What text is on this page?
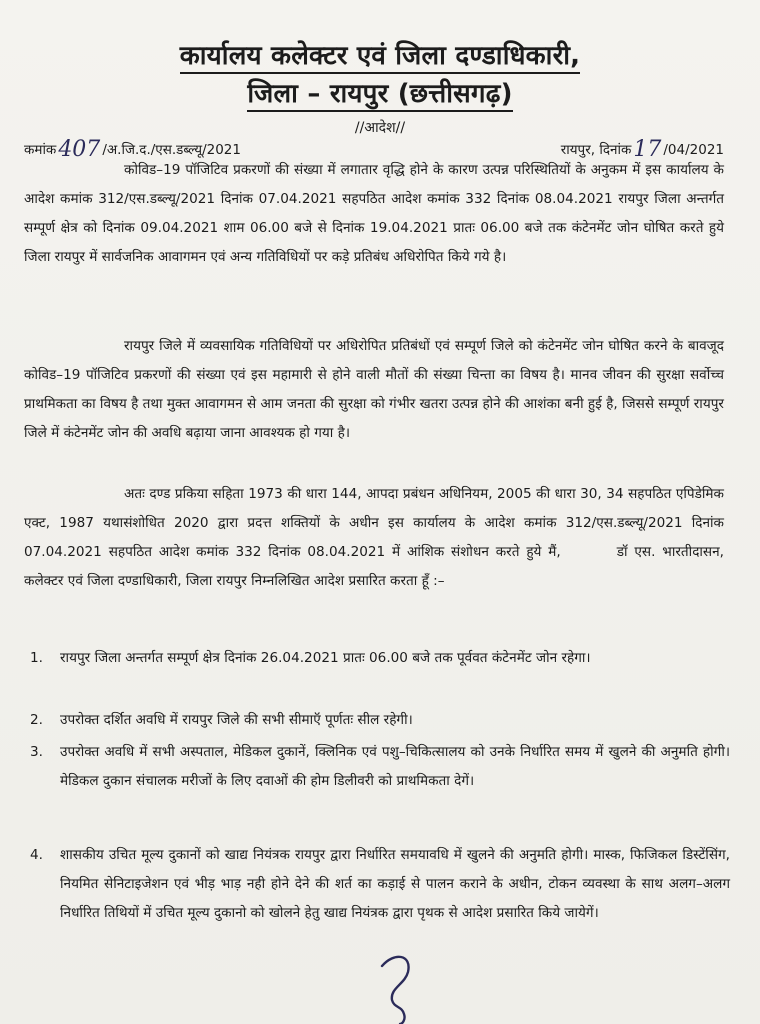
कार्यालय कलेक्टर एवं जिला दण्डाधिकारी,
जिला – रायपुर (छत्तीसगढ़)
//आदेश//
कमांक407 /अ.जि.द./एस.डब्ल्यू/2021	रायपुर, दिनांक17 /04/2021

कोविड–19 पॉजिटिव प्रकरणों की संख्या में लगातार वृद्धि होने के कारण उत्पन्न परिस्थितियों के अनुकम में इस कार्यालय के आदेश कमांक 312/एस.डब्ल्यू/2021 दिनांक 07.04.2021 सहपठित आदेश कमांक 332 दिनांक 08.04.2021 रायपुर जिला अन्तर्गत सम्पूर्ण क्षेत्र को दिनांक 09.04.2021 शाम 06.00 बजे से दिनांक 19.04.2021 प्रातः 06.00 बजे तक कंटेनमेंट जोन घोषित करते हुये जिला रायपुर में सार्वजनिक आवागमन एवं अन्य गतिविधियों पर कड़े प्रतिबंध अधिरोपित किये गये है।

रायपुर जिले में व्यवसायिक गतिविधियों पर अधिरोपित प्रतिबंधों एवं सम्पूर्ण जिले को कंटेनमेंट जोन घोषित करने के बावजूद कोविड–19 पॉजिटिव प्रकरणों की संख्या एवं इस महामारी से होने वाली मौतों की संख्या चिन्ता का विषय है। मानव जीवन की सुरक्षा सर्वोच्च प्राथमिकता का विषय है तथा मुक्त आवागमन से आम जनता की सुरक्षा को गंभीर खतरा उत्पन्न होने की आशंका बनी हुई है, जिससे सम्पूर्ण रायपुर जिले में कंटेनमेंट जोन की अवधि बढ़ाया जाना आवश्यक हो गया है।

अतः दण्ड प्रकिया सहिता 1973 की धारा 144, आपदा प्रबंधन अधिनियम, 2005 की धारा 30, 34 सहपठित एपिडेमिक एक्ट, 1987 यथासंशोधित 2020 द्वारा प्रदत्त शक्तियों के अधीन इस कार्यालय के आदेश कमांक 312/एस.डब्ल्यू/2021 दिनांक 07.04.2021 सहपठित आदेश कमांक 332 दिनांक 08.04.2021 में आंशिक संशोधन करते हुये मैं,	डॉ एस. भारतीदासन, कलेक्टर एवं जिला दण्डाधिकारी, जिला रायपुर निम्नलिखित आदेश प्रसारित करता हूँ :–

1.	रायपुर जिला अन्तर्गत सम्पूर्ण क्षेत्र दिनांक 26.04.2021 प्रातः 06.00 बजे तक पूर्ववत कंटेनमेंट जोन रहेगा।
2.	उपरोक्त दर्शित अवधि में रायपुर जिले की सभी सीमाऍ पूर्णतः सील रहेगी।
3.	उपरोक्त अवधि में सभी अस्पताल, मेडिकल दुकानें, क्लिनिक एवं पशु–चिकित्सालय को उनके निर्धारित समय में खुलने की अनुमति होगी। मेडिकल दुकान संचालक मरीजों के लिए दवाओं की होम डिलीवरी को प्राथमिकता देगें।
4.	शासकीय उचित मूल्य दुकानों को खाद्य नियंत्रक रायपुर द्वारा निर्धारित समयावधि में खुलने की अनुमति होगी। मास्क, फिजिकल डिस्टेंसिंग, नियमित सेनिटाइजेशन एवं भीड़ भाड़ नही होने देने की शर्त का कड़ाई से पालन कराने के अधीन, टोकन व्यवस्था के साथ अलग–अलग निर्धारित तिथियों में उचित मूल्य दुकानो को खोलने हेतु खाद्य नियंत्रक द्वारा पृथक से आदेश प्रसारित किये जायेगें।
